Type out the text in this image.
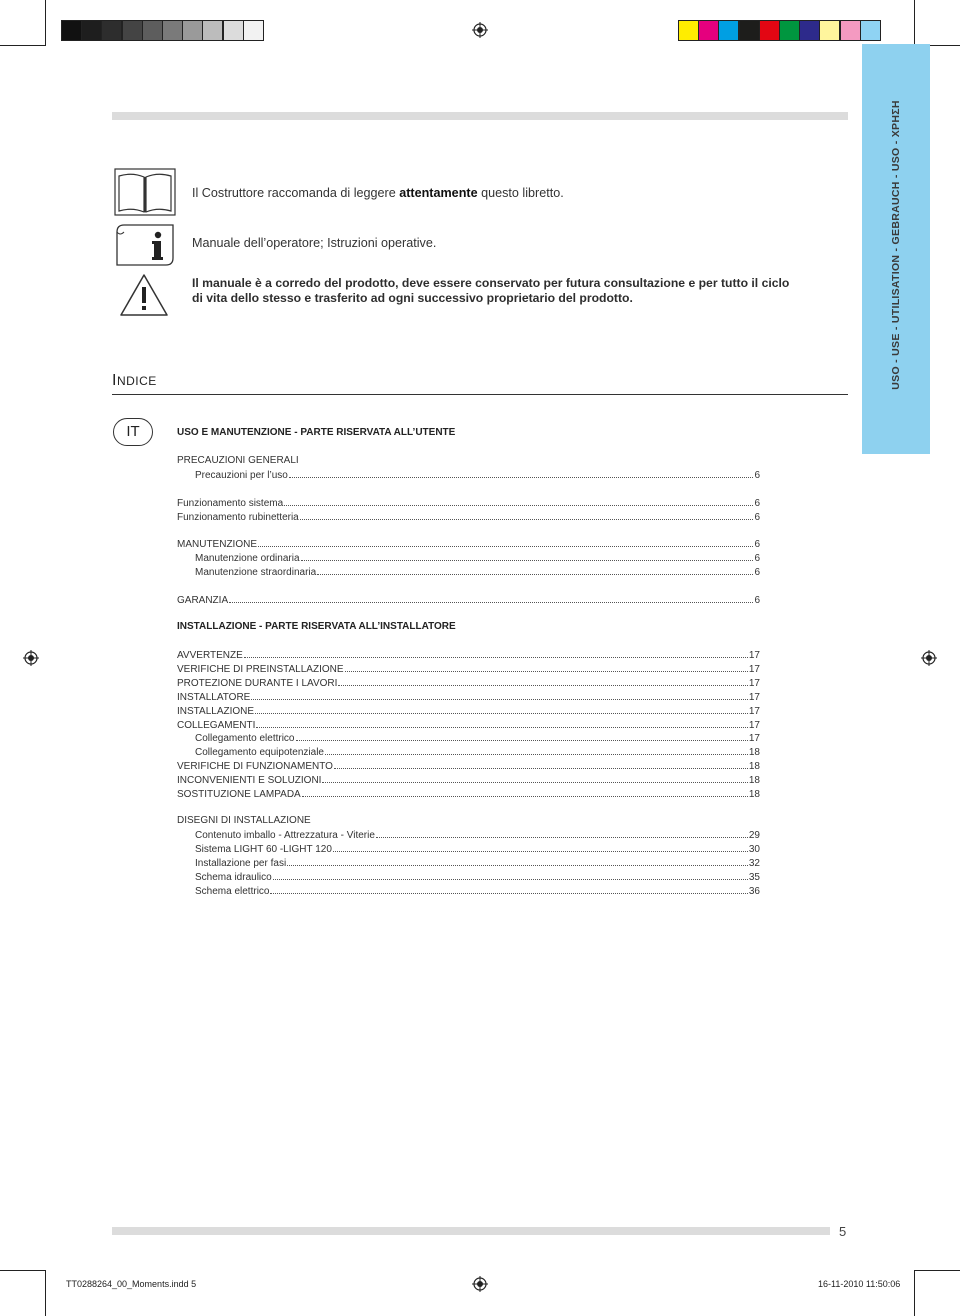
USO - USE - UTILISATION - GEBRAUCH - USO - ΧΡΗΣΗ
Il Costruttore raccomanda di leggere attentamente questo libretto.
Manuale dell’operatore; Istruzioni operative.
Il manuale è a corredo del prodotto, deve essere conservato per futura consultazione e per tutto il ciclo di vita dello stesso e trasferito ad ogni successivo proprietario del prodotto.
INDICE
IT	USO E MANUTENZIONE - PARTE RISERVATA ALL’UTENTE
PRECAUZIONI GENERALI
INSTALLAZIONE - PARTE RISERVATA ALL’INSTALLATORE
DISEGNI DI INSTALLAZIONE
Precauzioni per l’uso	6
Funzionamento sistema	6
Funzionamento rubinetteria	6
MANUTENZIONE	6
Manutenzione ordinaria	6
Manutenzione straordinaria	6
GARANZIA	6
AVVERTENZE	17
VERIFICHE DI PREINSTALLAZIONE	17
PROTEZIONE DURANTE I LAVORI	17
INSTALLATORE	17
INSTALLAZIONE	17
COLLEGAMENTI	17
Collegamento elettrico	17
Collegamento equipotenziale	18
VERIFICHE DI FUNZIONAMENTO	18
INCONVENIENTI E SOLUZIONI	18
SOSTITUZIONE LAMPADA	18
Contenuto imballo - Attrezzatura - Viterie	29
Sistema LIGHT 60 -LIGHT 120	30
Installazione per fasi	32
Schema idraulico	35
Schema elettrico	36
5
TT0288264_00_Moments.indd 5	16-11-2010 11:50:06
